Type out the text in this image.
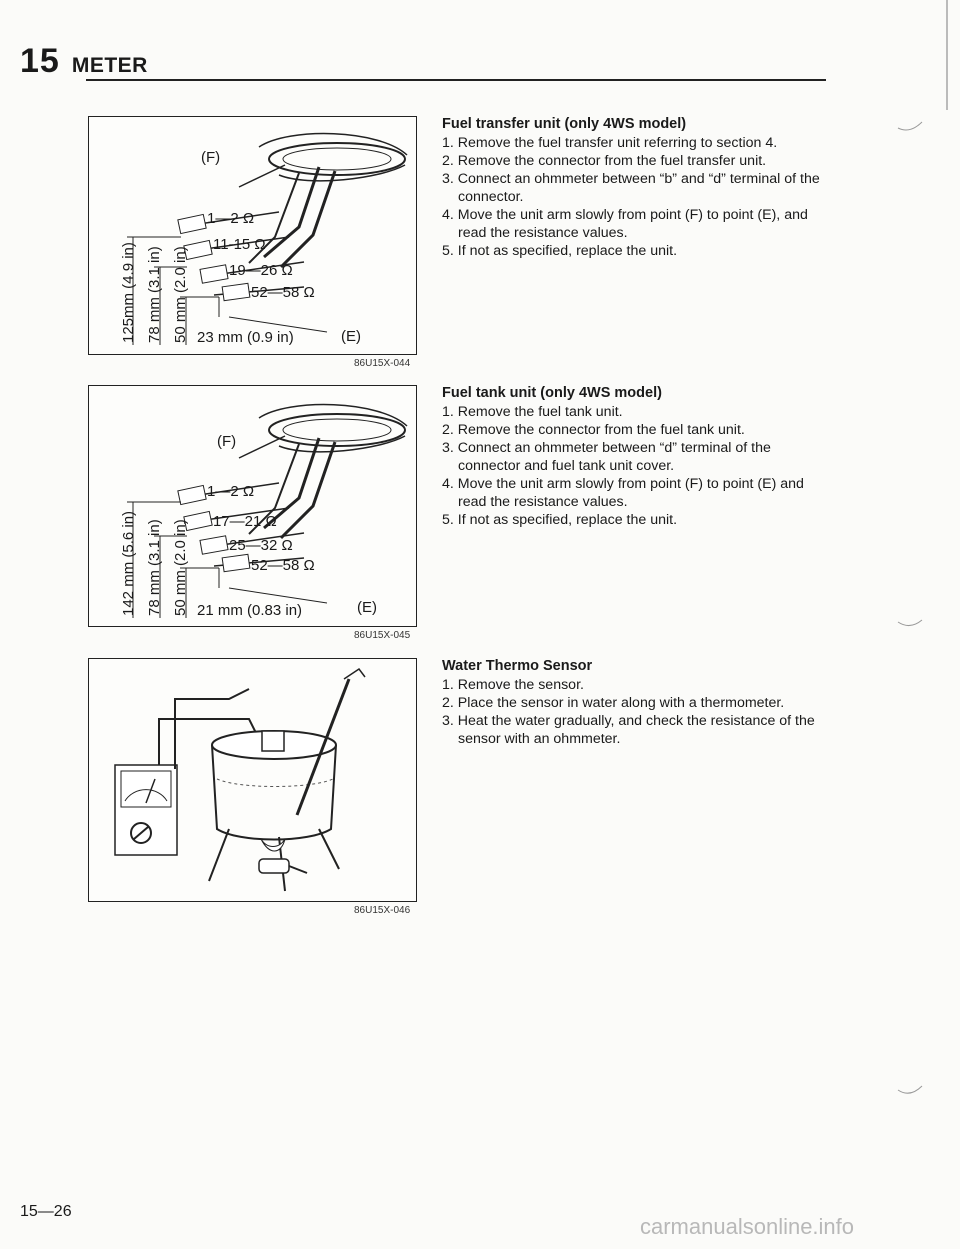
15 METER
(F)
(E)
125mm (4.9 in) 78 mm (3.1 in) 50 mm (2.0 in) 23 mm (0.9 in)
1—2 Ω
11-15 Ω
19—26 Ω
52—58 Ω
86U15X-044
(F)
(E)
142 mm (5.6 in) 78 mm (3.1 in) 50 mm (2.0 in) 21 mm (0.83 in)
1—2 Ω
17—21 Ω
25—32 Ω
52—58 Ω
86U15X-045
86U15X-046
Fuel transfer unit (only 4WS model)
1. Remove the fuel transfer unit referring to section 4.
2. Remove the connector from the fuel transfer unit.
3. Connect an ohmmeter between “b” and “d” terminal of the connector.
4. Move the unit arm slowly from point (F) to point (E), and read the resistance values.
5. If not as specified, replace the unit.
Fuel tank unit (only 4WS model)
1. Remove the fuel tank unit.
2. Remove the connector from the fuel tank unit.
3. Connect an ohmmeter between “d” terminal of the connector and fuel tank unit cover.
4. Move the unit arm slowly from point (F) to point (E) and read the resistance values.
5. If not as specified, replace the unit.
Water Thermo Sensor
1. Remove the sensor.
2. Place the sensor in water along with a thermometer.
3. Heat the water gradually, and check the resistance of the sensor with an ohmmeter.
15—26
carmanualsonline.info
